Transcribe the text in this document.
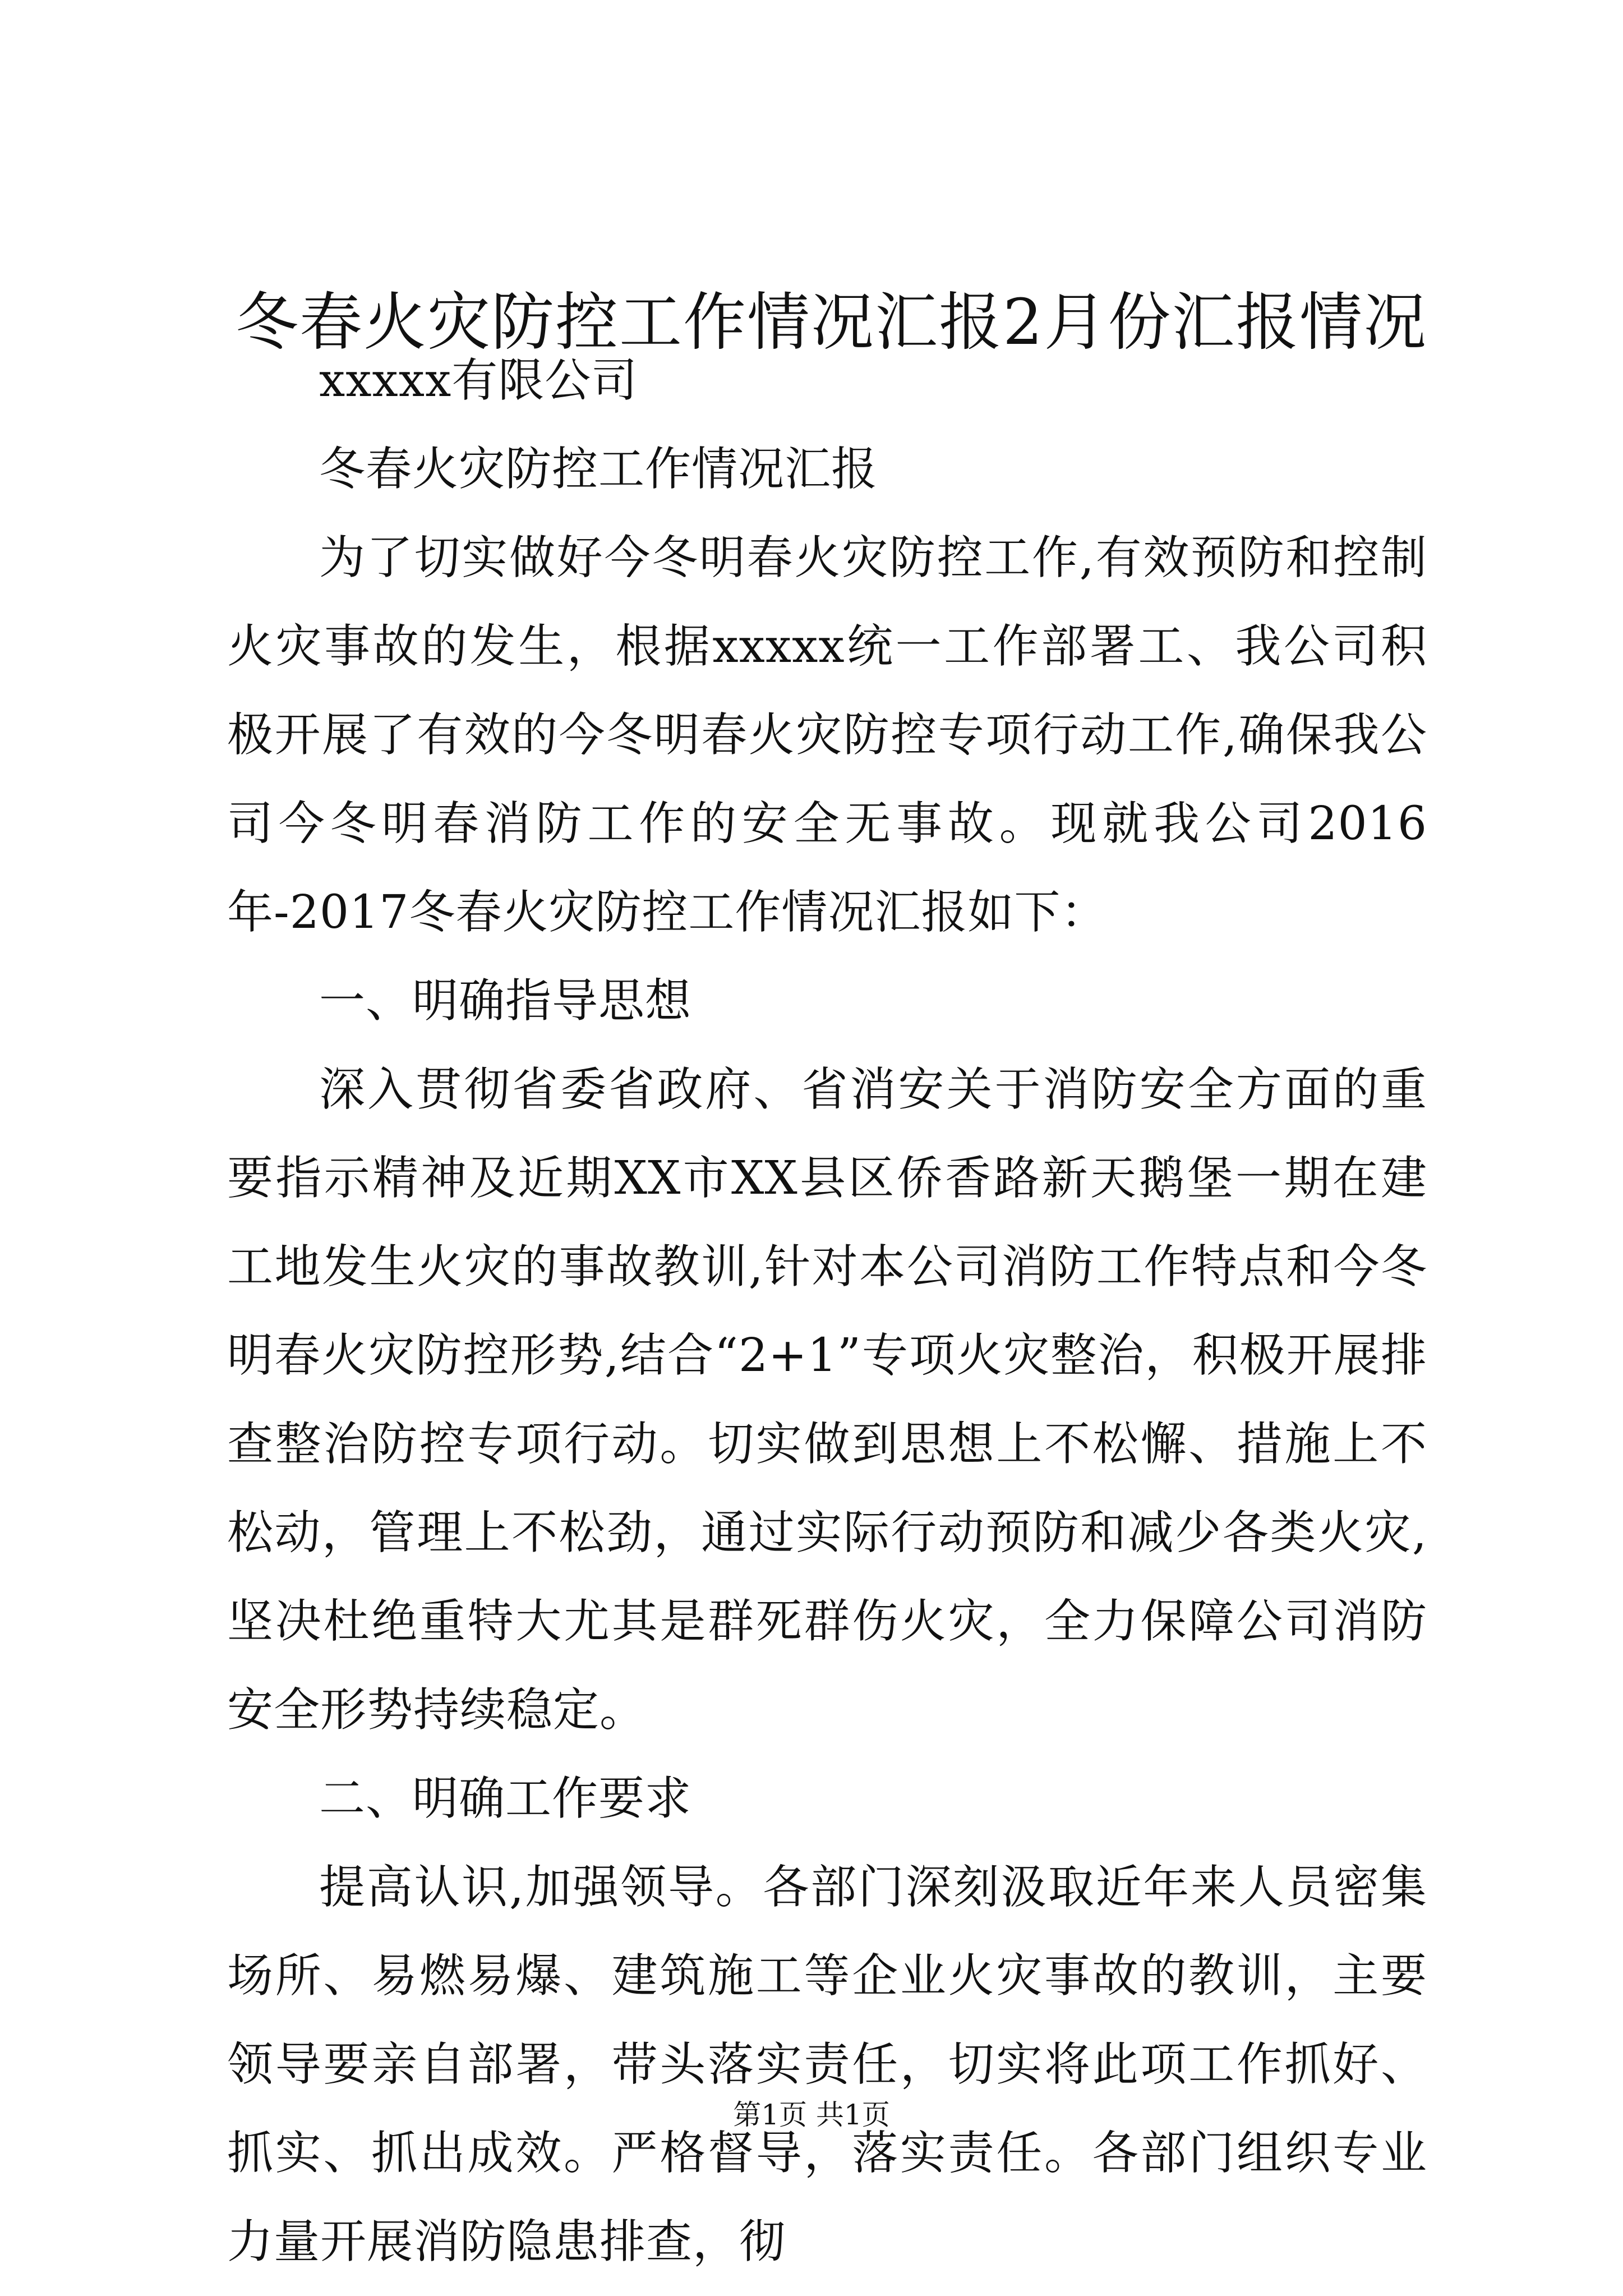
冬春火灾防控工作情况汇报2月份汇报情况

xxxxx有限公司

冬春火灾防控工作情况汇报

为了切实做好今冬明春火灾防控工作,有效预防和控制火灾事故的发生，根据xxxxx统一工作部署工、我公司积极开展了有效的今冬明春火灾防控专项行动工作,确保我公司今冬明春消防工作的安全无事故。现就我公司2016年-2017冬春火灾防控工作情况汇报如下：

一、明确指导思想

深入贯彻省委省政府、省消安关于消防安全方面的重要指示精神及近期XX市XX县区侨香路新天鹅堡一期在建工地发生火灾的事故教训,针对本公司消防工作特点和今冬明春火灾防控形势,结合“2+1”专项火灾整治，积极开展排查整治防控专项行动。切实做到思想上不松懈、措施上不松动，管理上不松劲，通过实际行动预防和减少各类火灾,坚决杜绝重特大尤其是群死群伤火灾，全力保障公司消防安全形势持续稳定。

二、明确工作要求

提高认识,加强领导。各部门深刻汲取近年来人员密集场所、易燃易爆、建筑施工等企业火灾事故的教训，主要领导要亲自部署，带头落实责任，切实将此项工作抓好、抓实、抓出成效。严格督导，落实责任。各部门组织专业力量开展消防隐患排查，彻

第1页 共1页
